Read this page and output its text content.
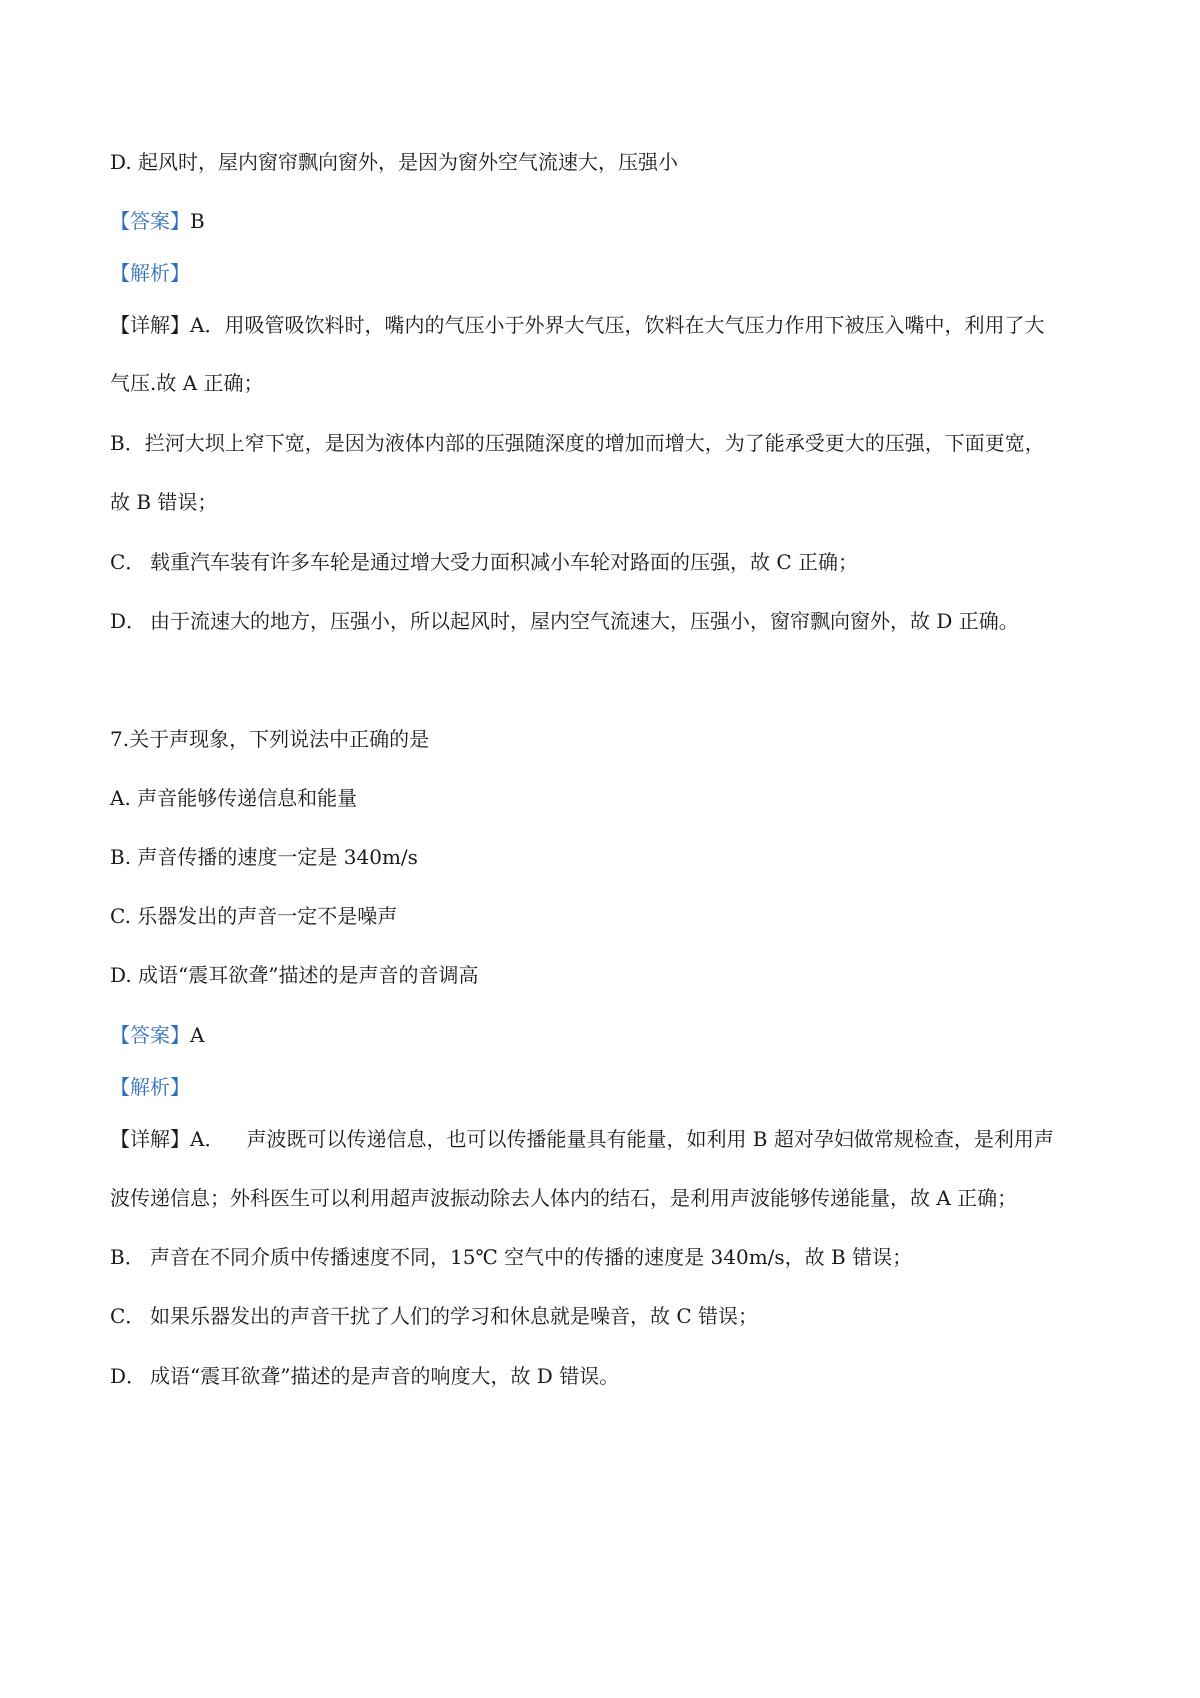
D. 起风时，屋内窗帘飘向窗外，是因为窗外空气流速大，压强小
【答案】B
【解析】
【详解】A．用吸管吸饮料时，嘴内的气压小于外界大气压，饮料在大气压力作用下被压入嘴中，利用了大
气压.故 A 正确；
B．拦河大坝上窄下宽，是因为液体内部的压强随深度的增加而增大，为了能承受更大的压强，下面更宽，
故 B 错误；
C． 载重汽车装有许多车轮是通过增大受力面积减小车轮对路面的压强，故 C 正确；
D． 由于流速大的地方，压强小，所以起风时，屋内空气流速大，压强小，窗帘飘向窗外，故 D 正确。
7.关于声现象，下列说法中正确的是
A. 声音能够传递信息和能量
B. 声音传播的速度一定是 340m/s
C. 乐器发出的声音一定不是噪声
D. 成语“震耳欲聋”描述的是声音的音调高
【答案】A
【解析】
【详解】A． 声波既可以传递信息，也可以传播能量具有能量，如利用 B 超对孕妇做常规检查，是利用声
波传递信息；外科医生可以利用超声波振动除去人体内的结石，是利用声波能够传递能量，故 A 正确；
B． 声音在不同介质中传播速度不同，15℃ 空气中的传播的速度是 340m/s，故 B 错误；
C． 如果乐器发出的声音干扰了人们的学习和休息就是噪音，故 C 错误；
D． 成语“震耳欲聋”描述的是声音的响度大，故 D 错误。
